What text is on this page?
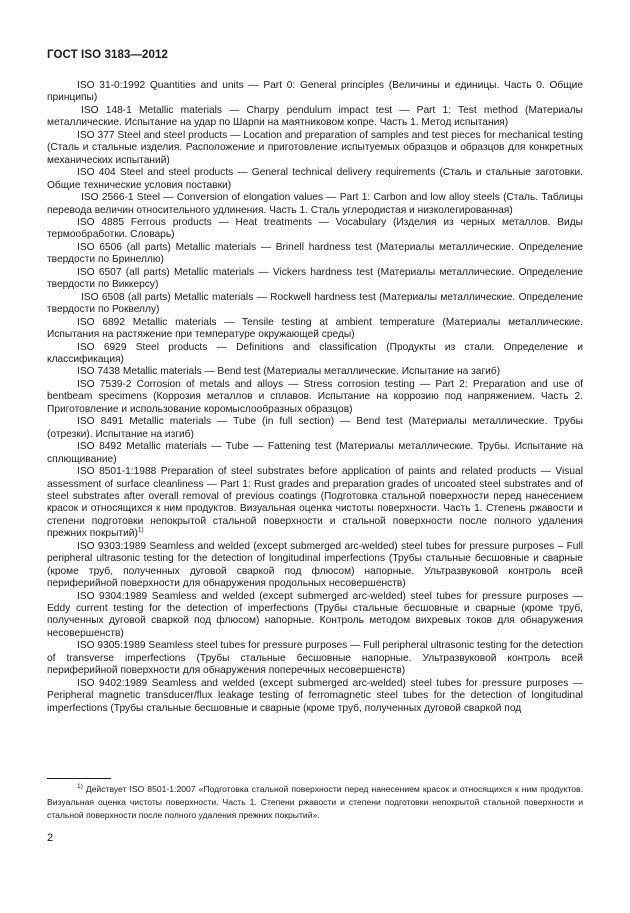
ГОСТ ISO 3183—2012

ISO 31-0:1992 Quantities and units — Part 0: General principles (Величины и единицы. Часть 0. Общие принципы)

ISO 148-1 Metallic materials — Charpy pendulum impact test — Part 1: Test method (Материалы металлические. Испытание на удар по Шарпи на маятниковом копре. Часть 1. Метод испытания)

ISO 377 Steel and steel products — Location and preparation of samples and test pieces for mechanical testing (Сталь и стальные изделия. Расположение и приготовление испытуемых образцов и образцов для конкретных механических испытаний)

ISO 404 Steel and steel products — General technical delivery requirements (Сталь и стальные заготовки. Общие технические условия поставки)

ISO 2566-1 Steel — Conversion of elongation values — Part 1: Carbon and low alloy steels (Сталь. Таблицы перевода величин относительного удлинения. Часть 1. Сталь углеродистая и низколегированная)

ISO 4885 Ferrous products — Heat treatments — Vocabulary (Изделия из черных металлов. Виды термообработки. Словарь)

ISO 6506 (all parts) Metallic materials — Brinell hardness test (Материалы металлические. Определение твердости по Бринеллю)

ISO 6507 (all parts) Metallic materials — Vickers hardness test (Материалы металлические. Определение твердости по Виккерсу)

ISO 6508 (all parts) Metallic materials — Rockwell hardness test (Материалы металлические. Определение твердости по Роквеллу)

ISO 6892 Metallic materials — Tensile testing at ambient temperature (Материалы металлические. Испытания на растяжение при температуре окружающей среды)

ISO 6929 Steel products — Definitions and classification (Продукты из стали. Определение и классификация)

ISO 7438 Metallic materials — Bend test (Материалы металлические. Испытание на загиб)

ISO 7539-2 Corrosion of metals and alloys — Stress corrosion testing — Part 2: Preparation and use of bentbeam specimens (Коррозия металлов и сплавов. Испытание на коррозию под напряжением. Часть 2. Приготовление и использование коромыслообразных образцов)

ISO 8491 Metallic materials — Tube (in full section) — Bend test (Материалы металлические. Трубы (отрезки). Испытание на изгиб)

ISO 8492 Metallic materials — Tube — Fattening test (Материалы металлические. Трубы. Испытание на сплющивание)

ISO 8501-1:1988 Preparation of steel substrates before application of paints and related products — Visual assessment of surface cleanliness — Part 1: Rust grades and preparation grades of uncoated steel substrates and of steel substrates after overall removal of previous coatings (Подготовка стальной поверхности перед нанесением красок и относящихся к ним продуктов. Визуальная оценка чистоты поверхности. Часть 1. Степень ржавости и степени подготовки непокрытой стальной поверхности и стальной поверхности после полного удаления прежних покрытий)$^{1)}$

ISO 9303:1989 Seamless and welded (except submerged arc-welded) steel tubes for pressure purposes – Full peripheral ultrasonic testing for the detection of longitudinal imperfections (Трубы стальные бесшовные и сварные (кроме труб, полученных дуговой сваркой под флюсом) напорные. Ультразвуковой контроль всей периферийной поверхности для обнаружения продольных несовершенств)

ISO 9304:1989 Seamless and welded (except submerged arc-welded) steel tubes for pressure purposes — Eddy current testing for the detection of imperfections (Трубы стальные бесшовные и сварные (кроме труб, полученных дуговой сваркой под флюсом) напорные. Контроль методом вихревых токов для обнаружения несовершенств)

ISO 9305:1989 Seamless steel tubes for pressure purposes — Full peripheral ultrasonic testing for the detection of transverse imperfections (Трубы стальные бесшовные напорные. Ультразвуковой контроль всей периферийной поверхности для обнаружения поперечных несовершенств)

ISO 9402:1989 Seamless and welded (except submerged arc-welded) steel tubes for pressure purposes — Peripheral magnetic transducer/flux leakage testing of ferromagnetic steel tubes for the detection of longitudinal imperfections (Трубы стальные бесшовные и сварные (кроме труб, полученных дуговой сваркой под

$^{1)}$ Действует ISO 8501-1:2007 «Подготовка стальной поверхности перед нанесением красок и относящихся к ним продуктов. Визуальная оценка чистоты поверхности. Часть 1. Степени ржавости и степени подготовки непокрытой стальной поверхности и стальной поверхности после полного удаления прежних покрытий».
2
